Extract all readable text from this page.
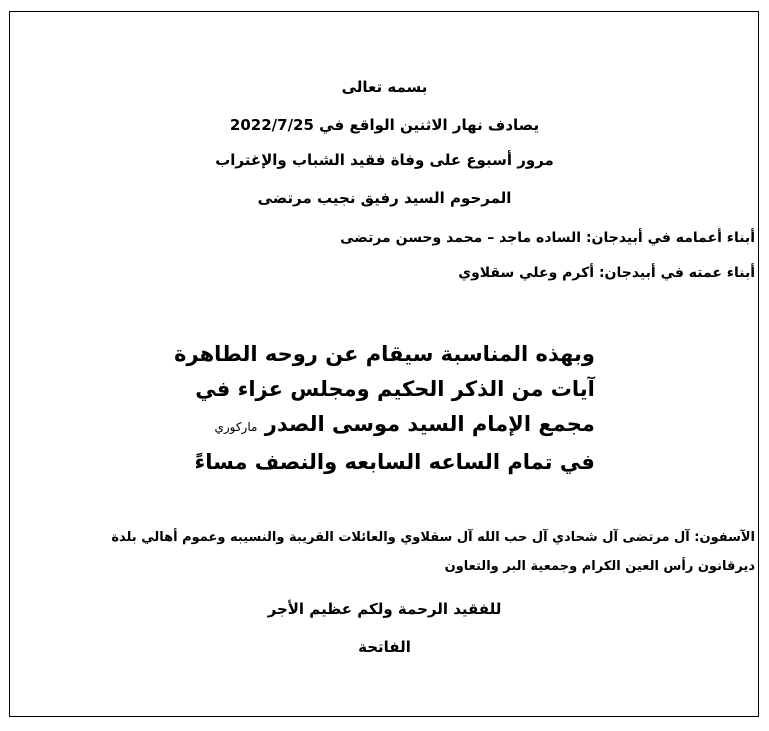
بسمه تعالى
يصادف نهار الاثنين الواقع في 2022/7/25
مرور أسبوع على وفاة فقيد الشباب والإغتراب
المرحوم السيد رفيق نجيب مرتضى
أبناء أعمامه في أبيدجان: الساده ماجد – محمد وحسن مرتضى
أبناء عمته في أبيدجان: أكرم وعلي سقلاوي
وبهذه المناسبة سيقام عن روحه الطاهرة
آيات من الذكر الحكيم ومجلس عزاء في
مجمع الإمام السيد موسى الصدر ماركوري
في تمام الساعه السابعه والنصف مساءً
الآسفون: آل مرتضى آل شحادي آل حب الله آل سقلاوي والعائلات القريبة والنسيبه وعموم أهالي بلدة
ديرقانون رأس العين الكرام وجمعية البر والتعاون
للفقيد الرحمة ولكم عظيم الأجر
الفاتحة
